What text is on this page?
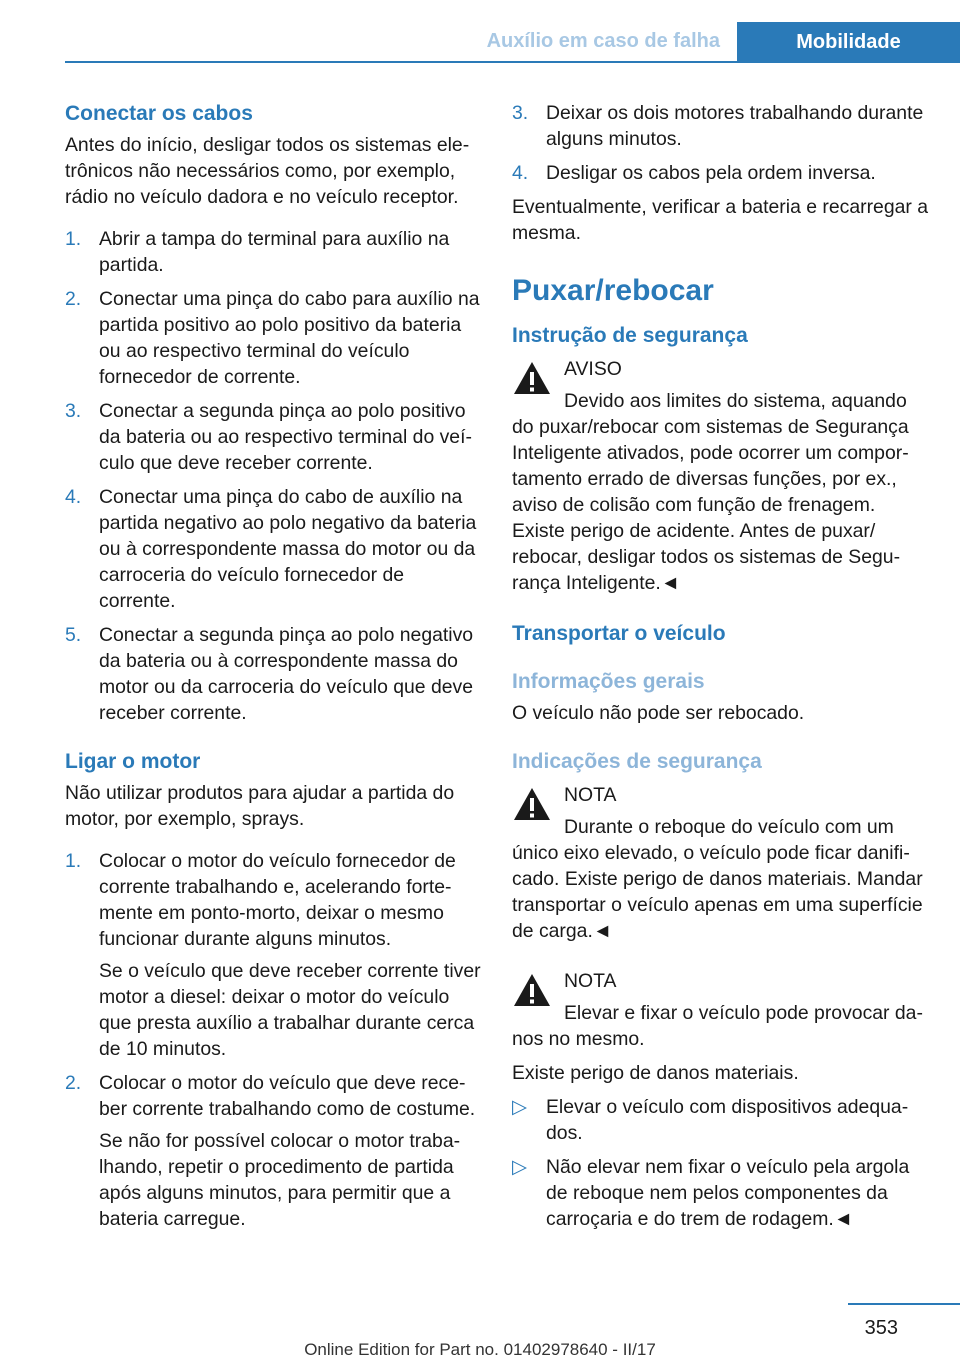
Auxílio em caso de falha	Mobilidade
Conectar os cabos

Antes do início, desligar todos os sistemas eletrônicos não necessários como, por exemplo, rádio no veículo dadora e no veículo receptor.

1. Abrir a tampa do terminal para auxílio na partida.
2. Conectar uma pinça do cabo para auxílio na partida positivo ao polo positivo da bateria ou ao respectivo terminal do veículo fornecedor de corrente.
3. Conectar a segunda pinça ao polo positivo da bateria ou ao respectivo terminal do veículo que deve receber corrente.
4. Conectar uma pinça do cabo de auxílio na partida negativo ao polo negativo da bateria ou à correspondente massa do motor ou da carroceria do veículo fornecedor de corrente.
5. Conectar a segunda pinça ao polo negativo da bateria ou à correspondente massa do motor ou da carroceria do veículo que deve receber corrente.
Ligar o motor

Não utilizar produtos para ajudar a partida do motor, por exemplo, sprays.

1. Colocar o motor do veículo fornecedor de corrente trabalhando e, acelerando fortemente em ponto-morto, deixar o mesmo funcionar durante alguns minutos.
Se o veículo que deve receber corrente tiver motor a diesel: deixar o motor do veículo que presta auxílio a trabalhar durante cerca de 10 minutos.
2. Colocar o motor do veículo que deve receber corrente trabalhando como de costume.
Se não for possível colocar o motor trabalhando, repetir o procedimento de partida após alguns minutos, para permitir que a bateria carregue.
3. Deixar os dois motores trabalhando durante alguns minutos.
4. Desligar os cabos pela ordem inversa.

Eventualmente, verificar a bateria e recarregar a mesma.

Puxar/rebocar
Instrução de segurança
AVISO
Devido aos limites do sistema, aquando do puxar/rebocar com sistemas de Segurança Inteligente ativados, pode ocorrer um comportamento errado de diversas funções, por ex., aviso de colisão com função de frenagem. Existe perigo de acidente. Antes de puxar/ rebocar, desligar todos os sistemas de Segurança Inteligente.◄
Transportar o veículo
Informações gerais

O veículo não pode ser rebocado.

Indicações de segurança
NOTA
Durante o reboque do veículo com um único eixo elevado, o veículo pode ficar danificado. Existe perigo de danos materiais. Mandar transportar o veículo apenas em uma superfície de carga.◄
NOTA
Elevar e fixar o veículo pode provocar danos no mesmo.

Existe perigo de danos materiais.

▷ Elevar o veículo com dispositivos adequados.
▷ Não elevar nem fixar o veículo pela argola de reboque nem pelos componentes da carroçaria e do trem de rodagem.◄
353
Online Edition for Part no. 01402978640 - II/17
